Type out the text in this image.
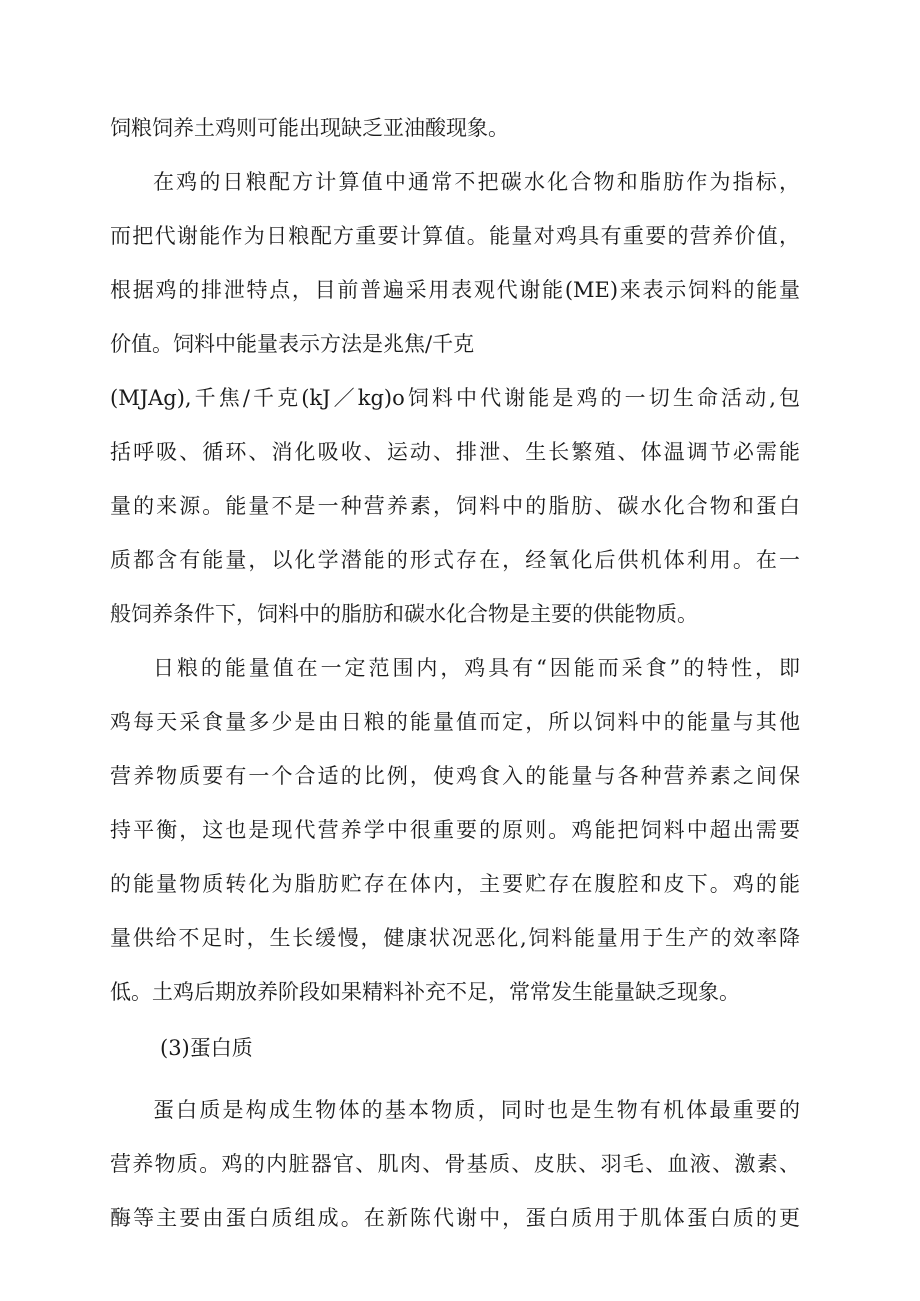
饲粮饲养土鸡则可能出现缺乏亚油酸现象。

在鸡的日粮配方计算值中通常不把碳水化合物和脂肪作为指标，

而把代谢能作为日粮配方重要计算值。能量对鸡具有重要的营养价值，

根据鸡的排泄特点，目前普遍采用表观代谢能(ME)来表示饲料的能量

价值。饲料中能量表示方法是兆焦/千克

(MJAg),千焦/千克(kJ／kg)o饲料中代谢能是鸡的一切生命活动,包

括呼吸、循环、消化吸收、运动、排泄、生长繁殖、体温调节必需能

量的来源。能量不是一种营养素，饲料中的脂肪、碳水化合物和蛋白

质都含有能量，以化学潜能的形式存在，经氧化后供机体利用。在一

般饲养条件下，饲料中的脂肪和碳水化合物是主要的供能物质。

日粮的能量值在一定范围内，鸡具有“因能而采食”的特性，即

鸡每天采食量多少是由日粮的能量值而定，所以饲料中的能量与其他

营养物质要有一个合适的比例，使鸡食入的能量与各种营养素之间保

持平衡，这也是现代营养学中很重要的原则。鸡能把饲料中超出需要

的能量物质转化为脂肪贮存在体内，主要贮存在腹腔和皮下。鸡的能

量供给不足时，生长缓慢，健康状况恶化,饲料能量用于生产的效率降

低。土鸡后期放养阶段如果精料补充不足，常常发生能量缺乏现象。

(3)蛋白质

蛋白质是构成生物体的基本物质，同时也是生物有机体最重要的

营养物质。鸡的内脏器官、肌肉、骨基质、皮肤、羽毛、血液、激素、

酶等主要由蛋白质组成。在新陈代谢中，蛋白质用于肌体蛋白质的更
